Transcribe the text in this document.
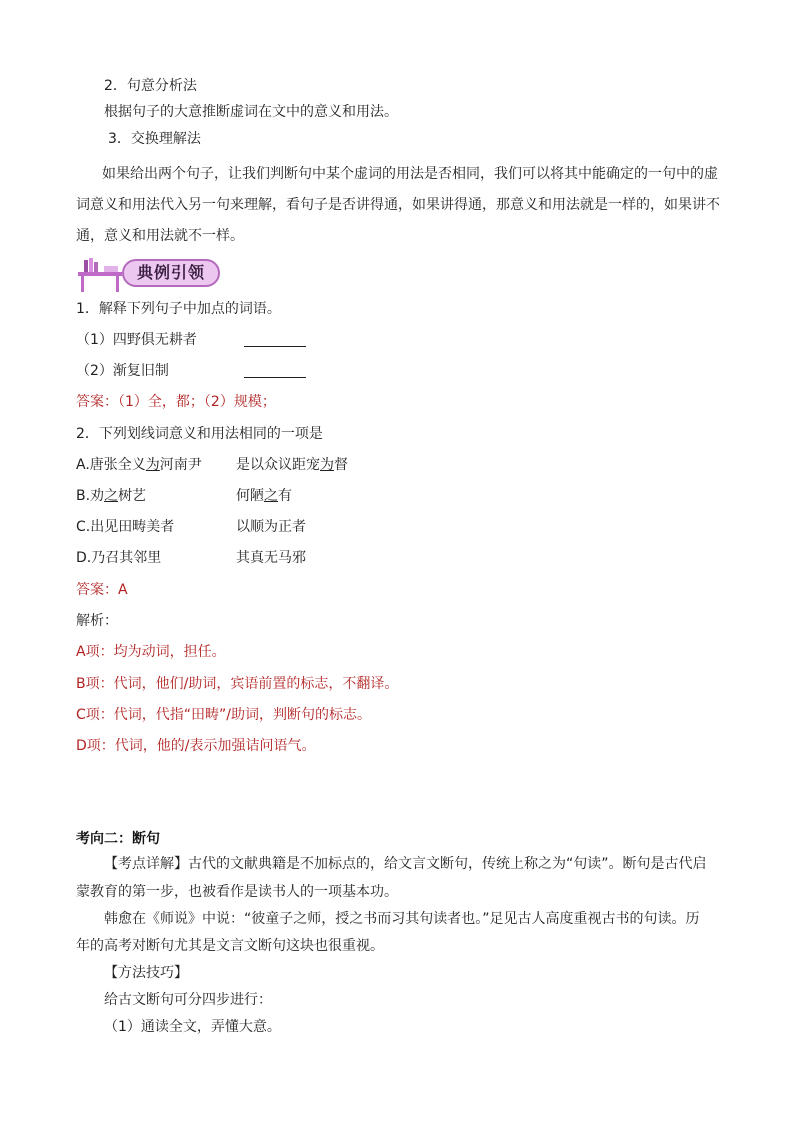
2．句意分析法
根据句子的大意推断虚词在文中的意义和用法。
3．交换理解法
如果给出两个句子，让我们判断句中某个虚词的用法是否相同，我们可以将其中能确定的一句中的虚
词意义和用法代入另一句来理解，看句子是否讲得通，如果讲得通，那意义和用法就是一样的，如果讲不
通，意义和用法就不一样。
典例引领
1．解释下列句子中加点的词语。
（1）四野俱无耕者
（2）渐复旧制
答案：（1）全，都；（2）规模；
2．下列划线词意义和用法相同的一项是
A.唐张全义为河南尹 是以众议距宠为督
B.劝之树艺	何陋之有
C.出见田畴美者	以顺为正者
D.乃召其邻里	其真无马邪
答案：A
解析：
A项：均为动词，担任。
B项：代词，他们/助词，宾语前置的标志，不翻译。
C项：代词，代指“田畴”/助词，判断句的标志。
D项：代词，他的/表示加强诘问语气。
考向二：断句
【考点详解】古代的文献典籍是不加标点的，给文言文断句，传统上称之为“句读”。断句是古代启
蒙教育的第一步，也被看作是读书人的一项基本功。
韩愈在《师说》中说：“彼童子之师，授之书而习其句读者也。”足见古人高度重视古书的句读。历
年的高考对断句尤其是文言文断句这块也很重视。
【方法技巧】
给古文断句可分四步进行：
（1）通读全文，弄懂大意。
